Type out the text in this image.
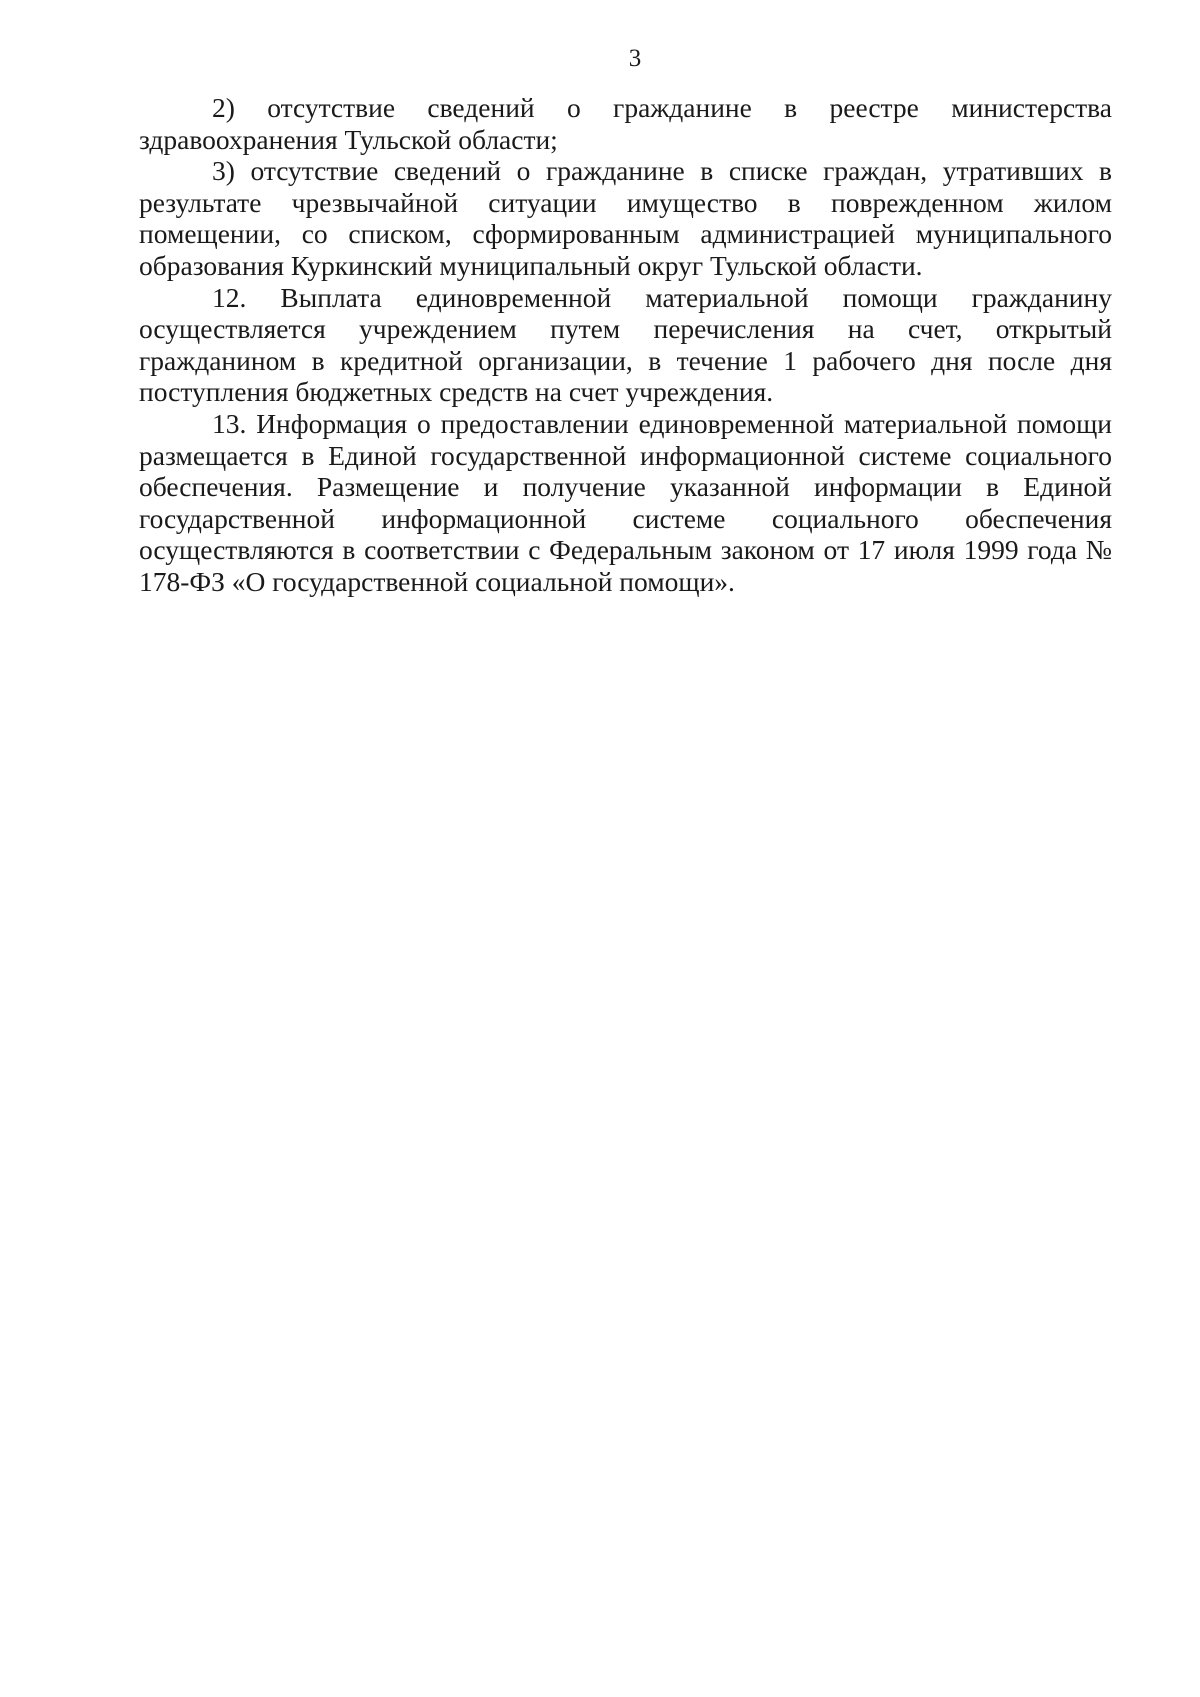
3

2) отсутствие сведений о гражданине в реестре министерства здравоохранения Тульской области;

3) отсутствие сведений о гражданине в списке граждан, утративших в результате чрезвычайной ситуации имущество в поврежденном жилом помещении, со списком, сформированным администрацией муниципального образования Куркинский муниципальный округ Тульской области.

12. Выплата единовременной материальной помощи гражданину осуществляется учреждением путем перечисления на счет, открытый гражданином в кредитной организации, в течение 1 рабочего дня после дня поступления бюджетных средств на счет учреждения.

13. Информация о предоставлении единовременной материальной помощи размещается в Единой государственной информационной системе социального обеспечения. Размещение и получение указанной информации в Единой государственной информационной системе социального обеспечения осуществляются в соответствии с Федеральным законом от 17 июля 1999 года № 178-ФЗ «О государственной социальной помощи».
